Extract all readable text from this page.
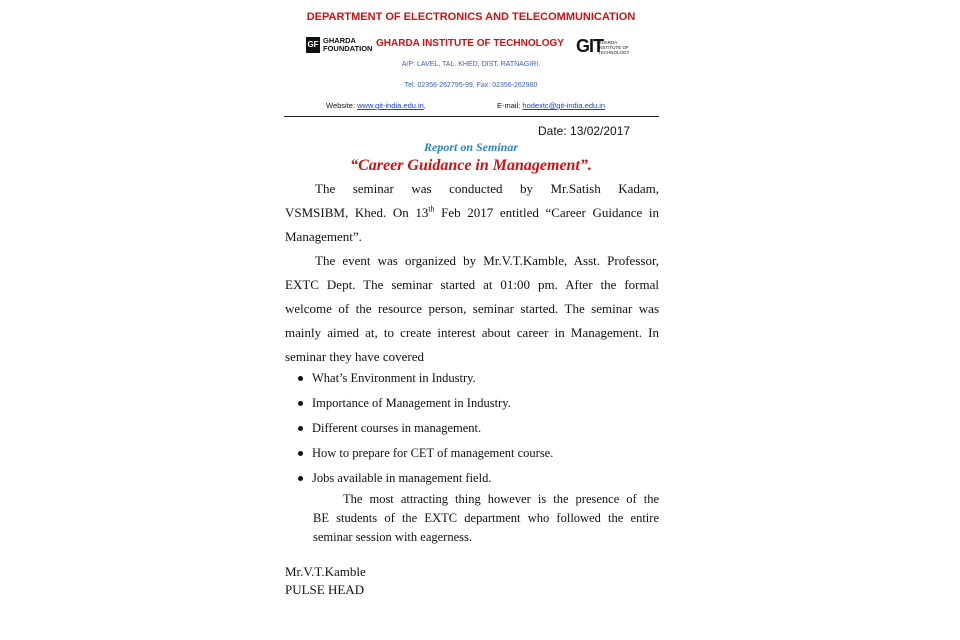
DEPARTMENT OF ELECTRONICS AND TELECOMMUNICATION
GF GHARDA
FOUNDATION GHARDA INSTITUTE OF TECHNOLOGY GIT
GHARDA
INSTITUTE OF
TECHNOLOGY
A/P: LAVEL, TAL. KHED, DIST. RATNAGIRI.
Tel: 02356-262795-99, Fax: 02356-262980
Website: www.git-india.edu.in,	E-mail: hodextc@git-india.edu.in
Date: 13/02/2017
Report on Seminar
“Career Guidance in Management”.
The seminar was conducted by Mr.Satish Kadam,
VSMSIBM, Khed. On 13th Feb 2017 entitled “Career Guidance in
Management”.
The event was organized by Mr.V.T.Kamble, Asst. Professor,
EXTC Dept. The seminar started at 01:00 pm. After the formal
welcome of the resource person, seminar started. The seminar was
mainly aimed at, to create interest about career in Management. In
seminar they have covered
What’s Environment in Industry.
Importance of Management in Industry.
Different courses in management.
How to prepare for CET of management course.
Jobs available in management field.
The most attracting thing however is the presence of the
BE students of the EXTC department who followed the entire
seminar session with eagerness.
Mr.V.T.Kamble
PULSE HEAD
